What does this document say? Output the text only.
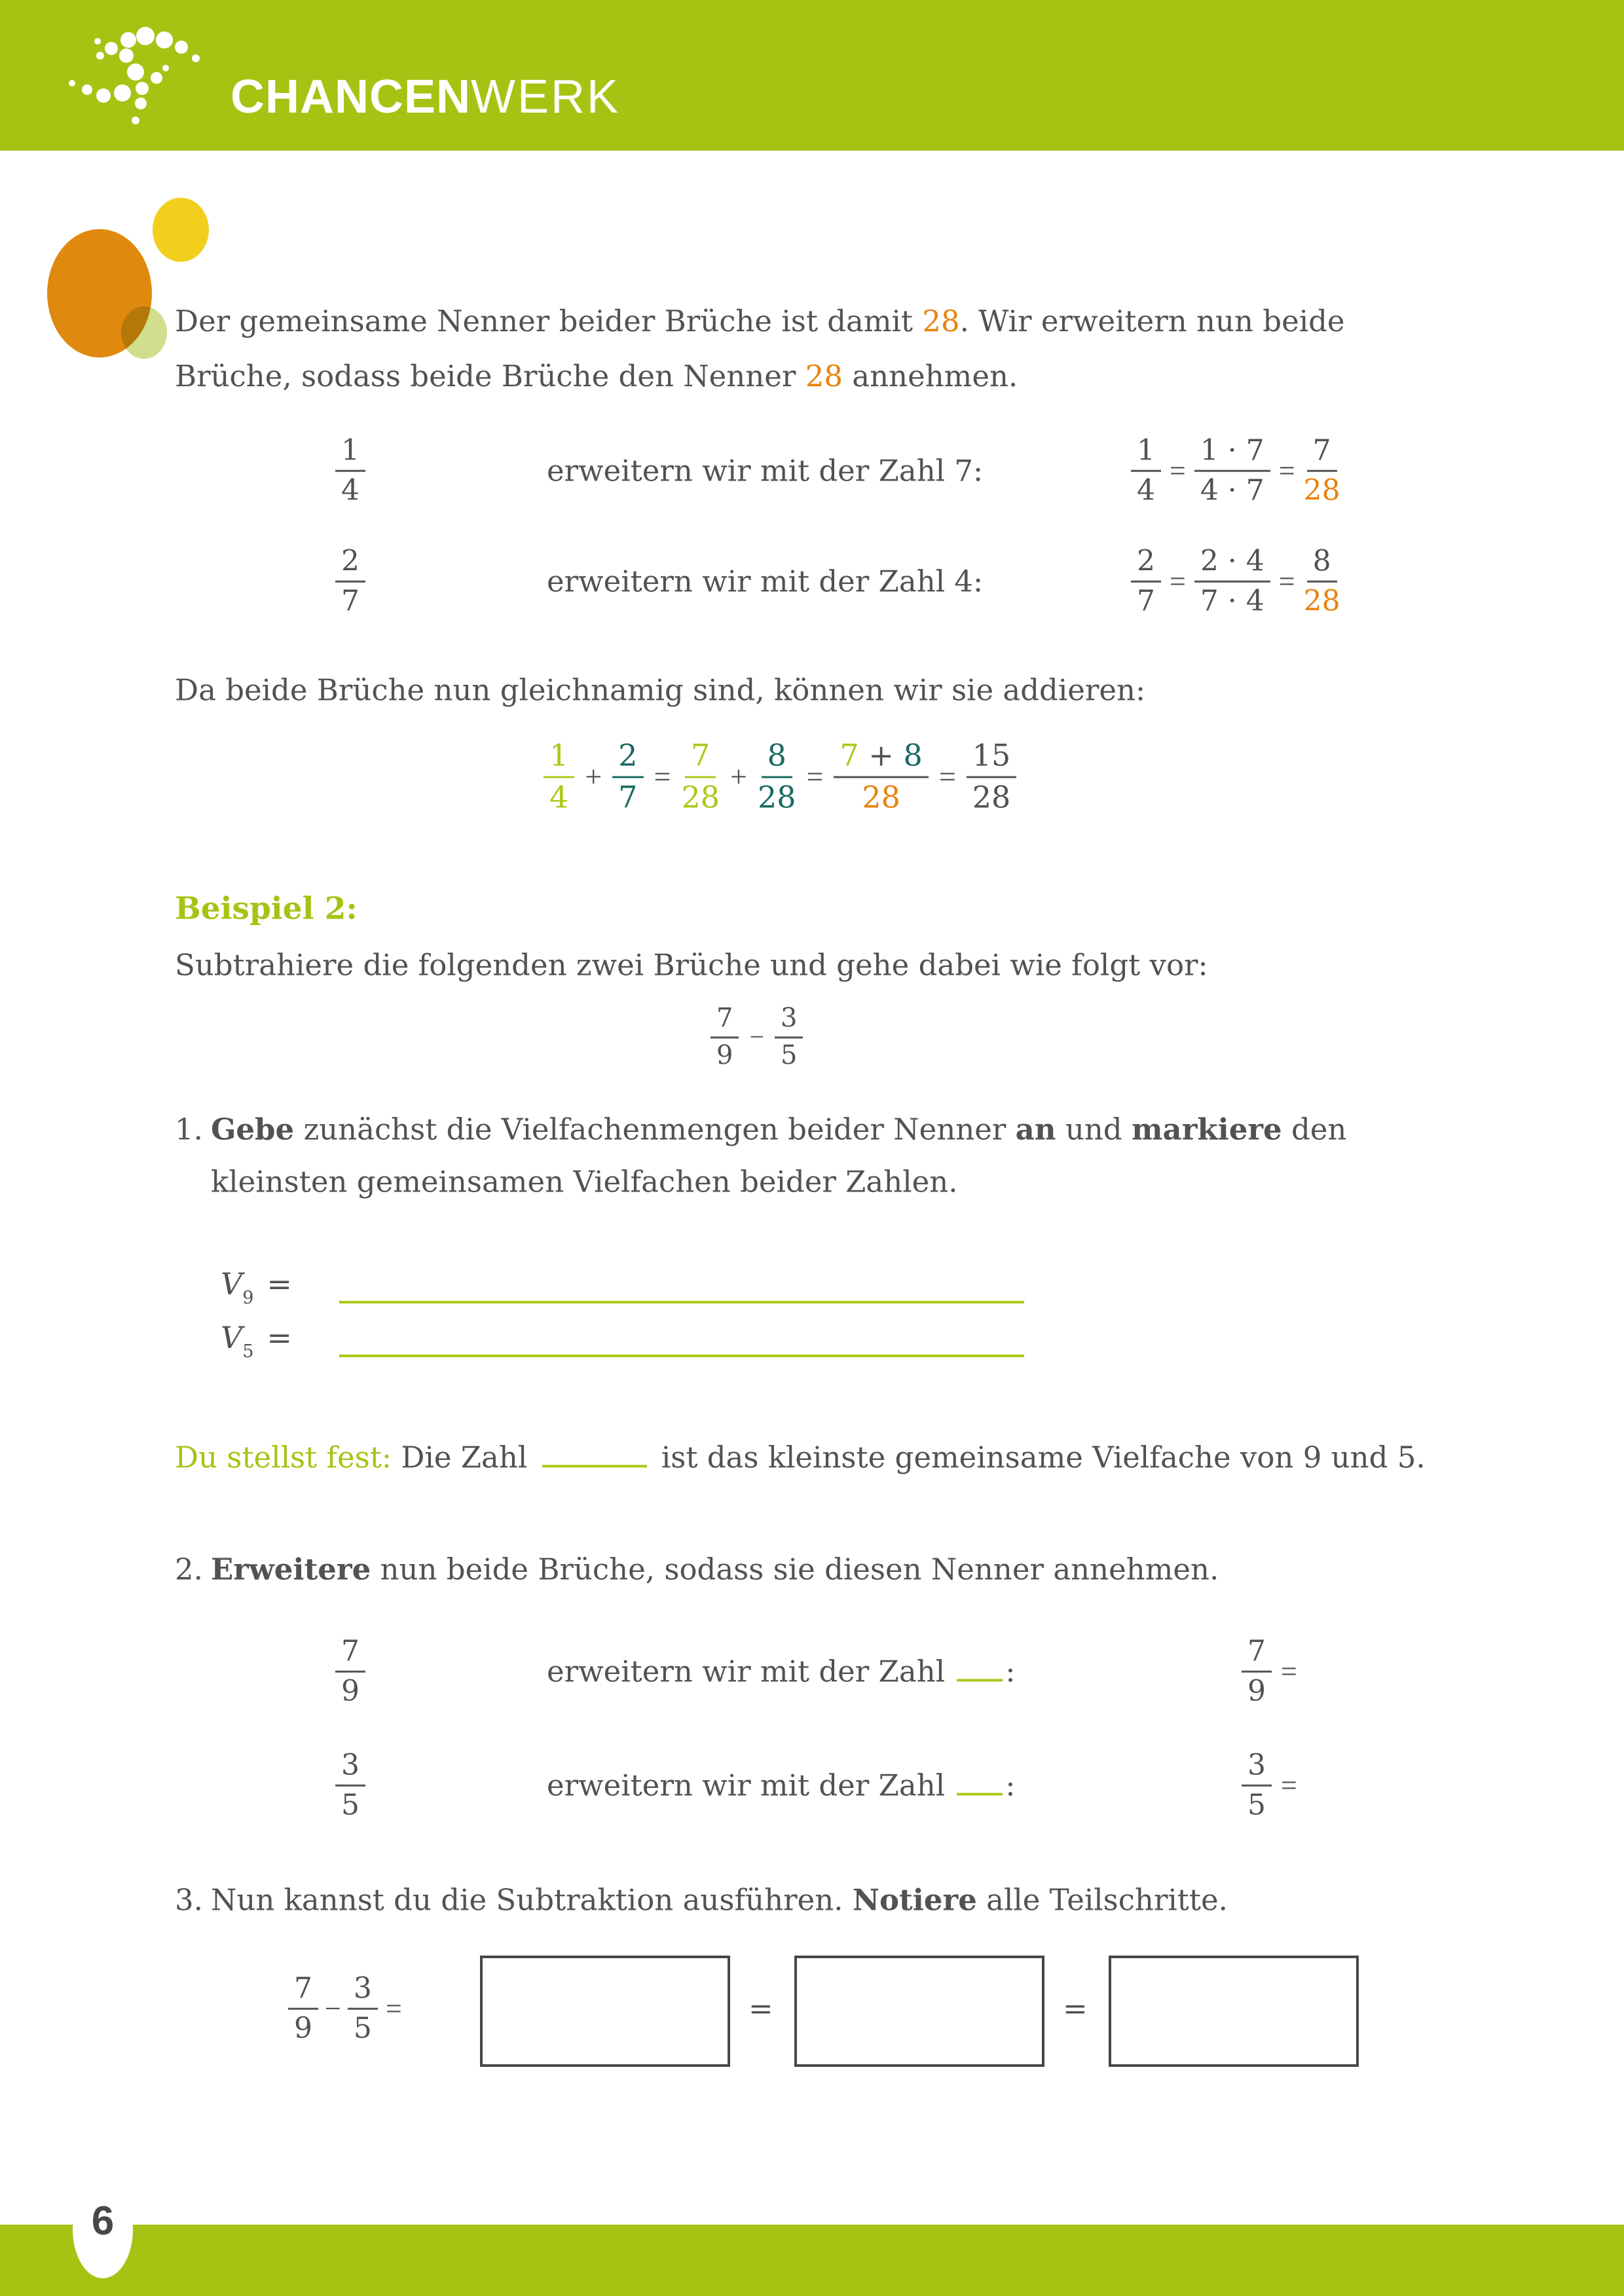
CHANCENWERK
Der gemeinsame Nenner beider Brüche ist damit 28. Wir erweitern nun beide
Brüche, sodass beide Brüche den Nenner 28 annehmen.
$\frac{1}{4}$	erweitern wir mit der Zahl 7:	$\frac{1}{4} = \frac{1 \cdot 7}{4 \cdot 7} = \frac{7}{28}$
$\frac{2}{7}$	erweitern wir mit der Zahl 4:	$\frac{2}{7} = \frac{2 \cdot 4}{7 \cdot 4} = \frac{8}{28}$
Da beide Brüche nun gleichnamig sind, können wir sie addieren:
$\frac{1}{4} + \frac{2}{7} = \frac{7}{28} + \frac{8}{28} = \frac{7 + 8}{28} = \frac{15}{28}$
Beispiel 2:
Subtrahiere die folgenden zwei Brüche und gehe dabei wie folgt vor:
$\frac{7}{9} - \frac{3}{5}$
1. Gebe zunächst die Vielfachenmengen beider Nenner an und markiere den
kleinsten gemeinsamen Vielfachen beider Zahlen.
$V_9$ =
$V_5$ =
Du stellst fest: Die Zahl	ist das kleinste gemeinsame Vielfache von 9 und 5.
2. Erweitere nun beide Brüche, sodass sie diesen Nenner annehmen.
$\frac{7}{9}$	erweitern wir mit der Zahl :	$\frac{7}{9}$ =
$\frac{3}{5}$	erweitern wir mit der Zahl :	$\frac{3}{5}$ =
3. Nun kannst du die Subtraktion ausführen. Notiere alle Teilschritte.
$\frac{7}{9} - \frac{3}{5}$ =	=	=
6
